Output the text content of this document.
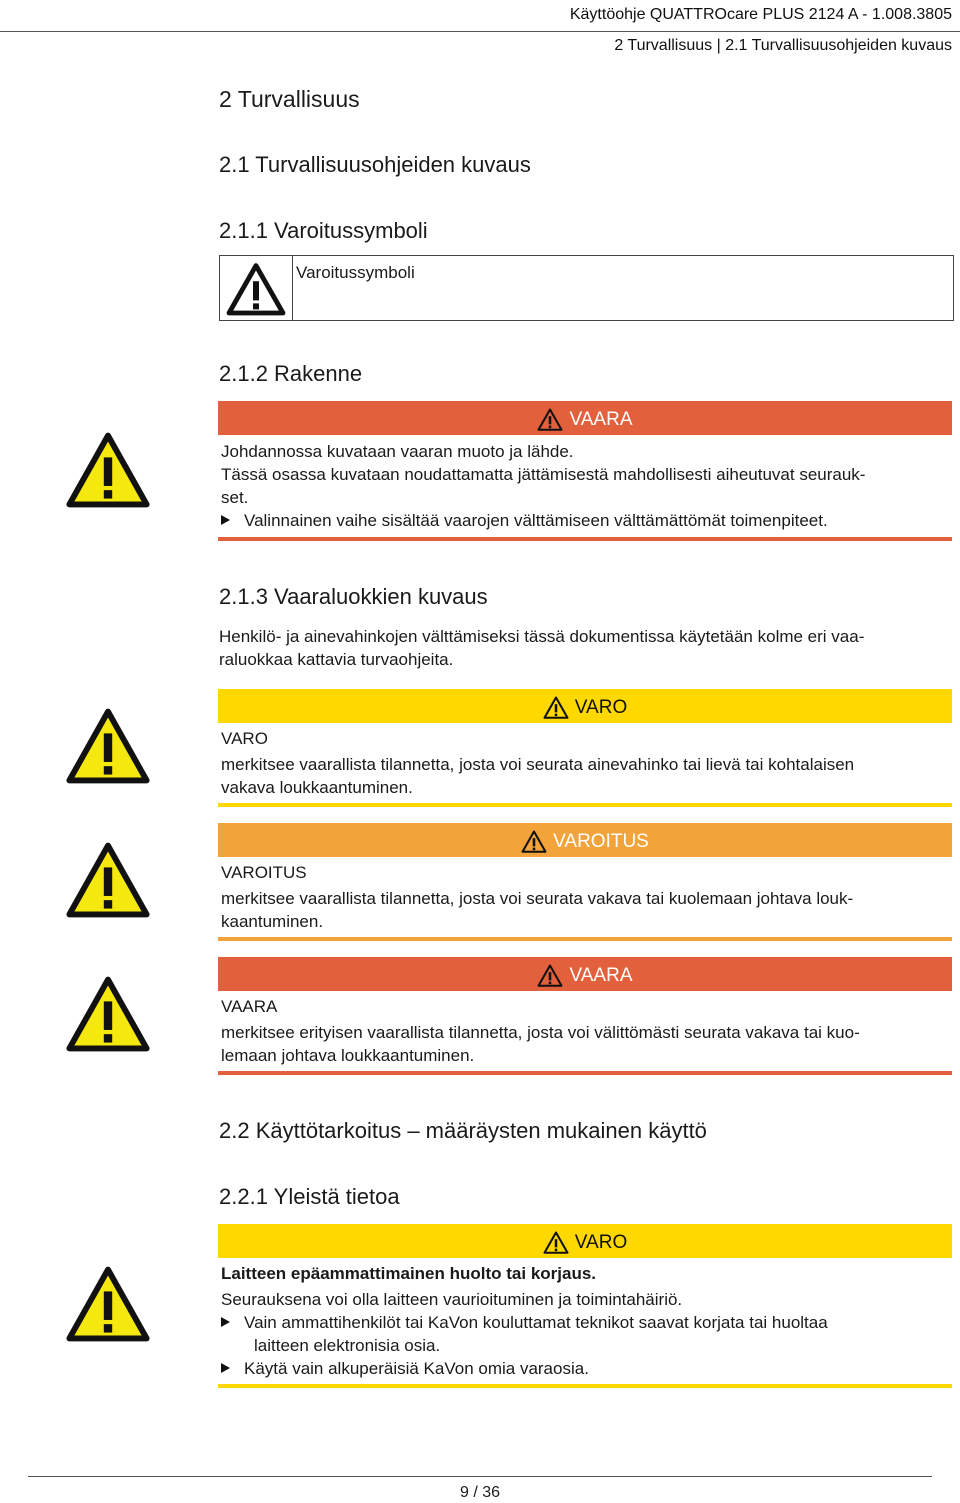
Käyttöohje QUATTROcare PLUS 2124 A - 1.008.3805
2 Turvallisuus | 2.1 Turvallisuusohjeiden kuvaus
2 Turvallisuus
2.1 Turvallisuusohjeiden kuvaus
2.1.1 Varoitussymboli
Varoitussymboli
2.1.2 Rakenne
VAARA
Johdannossa kuvataan vaaran muoto ja lähde.
Tässä osassa kuvataan noudattamatta jättämisestä mahdollisesti aiheutuvat seurauk-
set.
Valinnainen vaihe sisältää vaarojen välttämiseen välttämättömät toimenpiteet.
2.1.3 Vaaraluokkien kuvaus
Henkilö- ja ainevahinkojen välttämiseksi tässä dokumentissa käytetään kolme eri vaa-
raluokkaa kattavia turvaohjeita.
VARO
VARO
merkitsee vaarallista tilannetta, josta voi seurata ainevahinko tai lievä tai kohtalaisen
vakava loukkaantuminen.
VAROITUS
VAROITUS
merkitsee vaarallista tilannetta, josta voi seurata vakava tai kuolemaan johtava louk-
kaantuminen.
VAARA
VAARA
merkitsee erityisen vaarallista tilannetta, josta voi välittömästi seurata vakava tai kuo-
lemaan johtava loukkaantuminen.
2.2 Käyttötarkoitus – määräysten mukainen käyttö
2.2.1 Yleistä tietoa
VARO
Laitteen epäammattimainen huolto tai korjaus.
Seurauksena voi olla laitteen vaurioituminen ja toimintahäiriö.
Vain ammattihenkilöt tai KaVon kouluttamat teknikot saavat korjata tai huoltaa
laitteen elektronisia osia.
Käytä vain alkuperäisiä KaVon omia varaosia.
9 / 36
